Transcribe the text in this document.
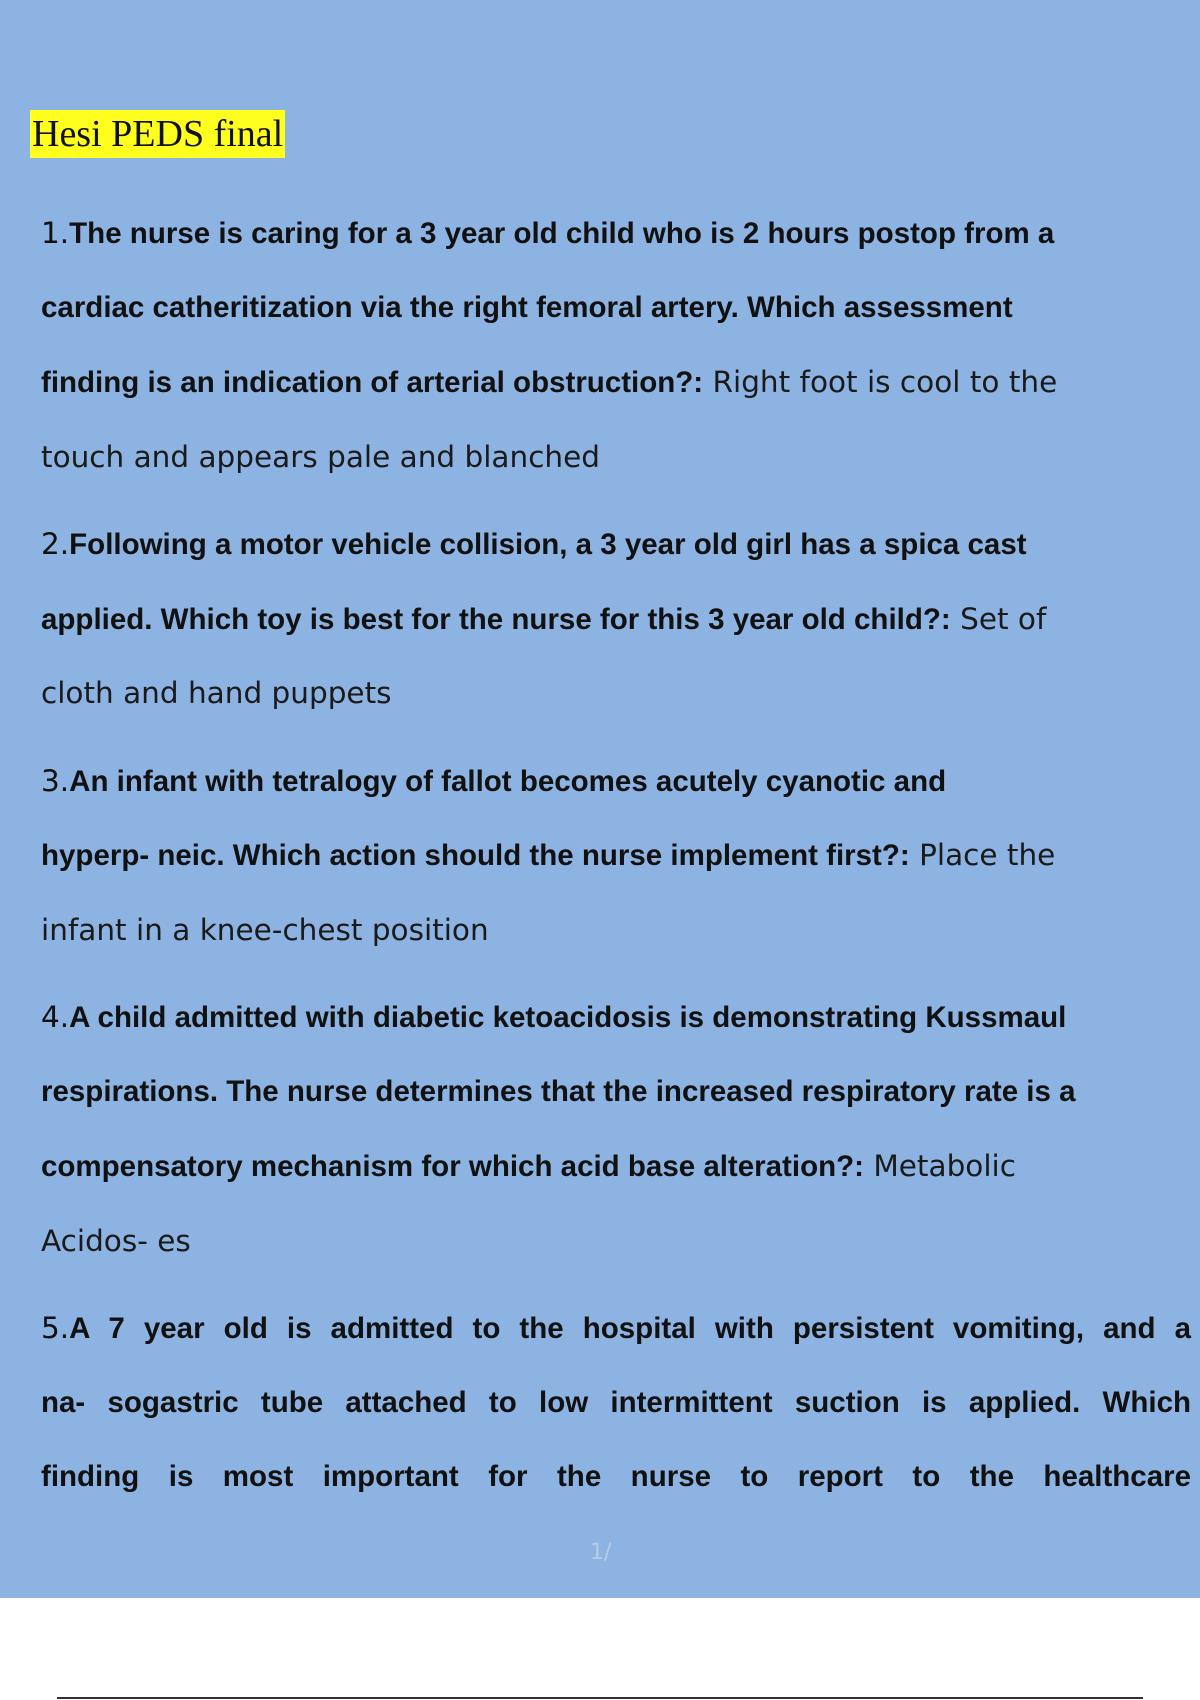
Hesi PEDS final
1.The nurse is caring for a 3 year old child who is 2 hours postop from a
cardiac catheritization via the right femoral artery. Which assessment
finding is an indication of arterial obstruction?: Right foot is cool to the
touch and appears pale and blanched
2.Following a motor vehicle collision, a 3 year old girl has a spica cast
applied. Which toy is best for the nurse for this 3 year old child?: Set of
cloth and hand puppets
3.An infant with tetralogy of fallot becomes acutely cyanotic and
hyperp- neic. Which action should the nurse implement first?: Place the
infant in a knee-chest position
4.A child admitted with diabetic ketoacidosis is demonstrating Kussmaul
respirations. The nurse determines that the increased respiratory rate is a
compensatory mechanism for which acid base alteration?: Metabolic
Acidos- es
5.A 7 year old is admitted to the hospital with persistent vomiting, and a
na- sogastric tube attached to low intermittent suction is applied. Which
finding is most important for the nurse to report to the healthcare
1/
